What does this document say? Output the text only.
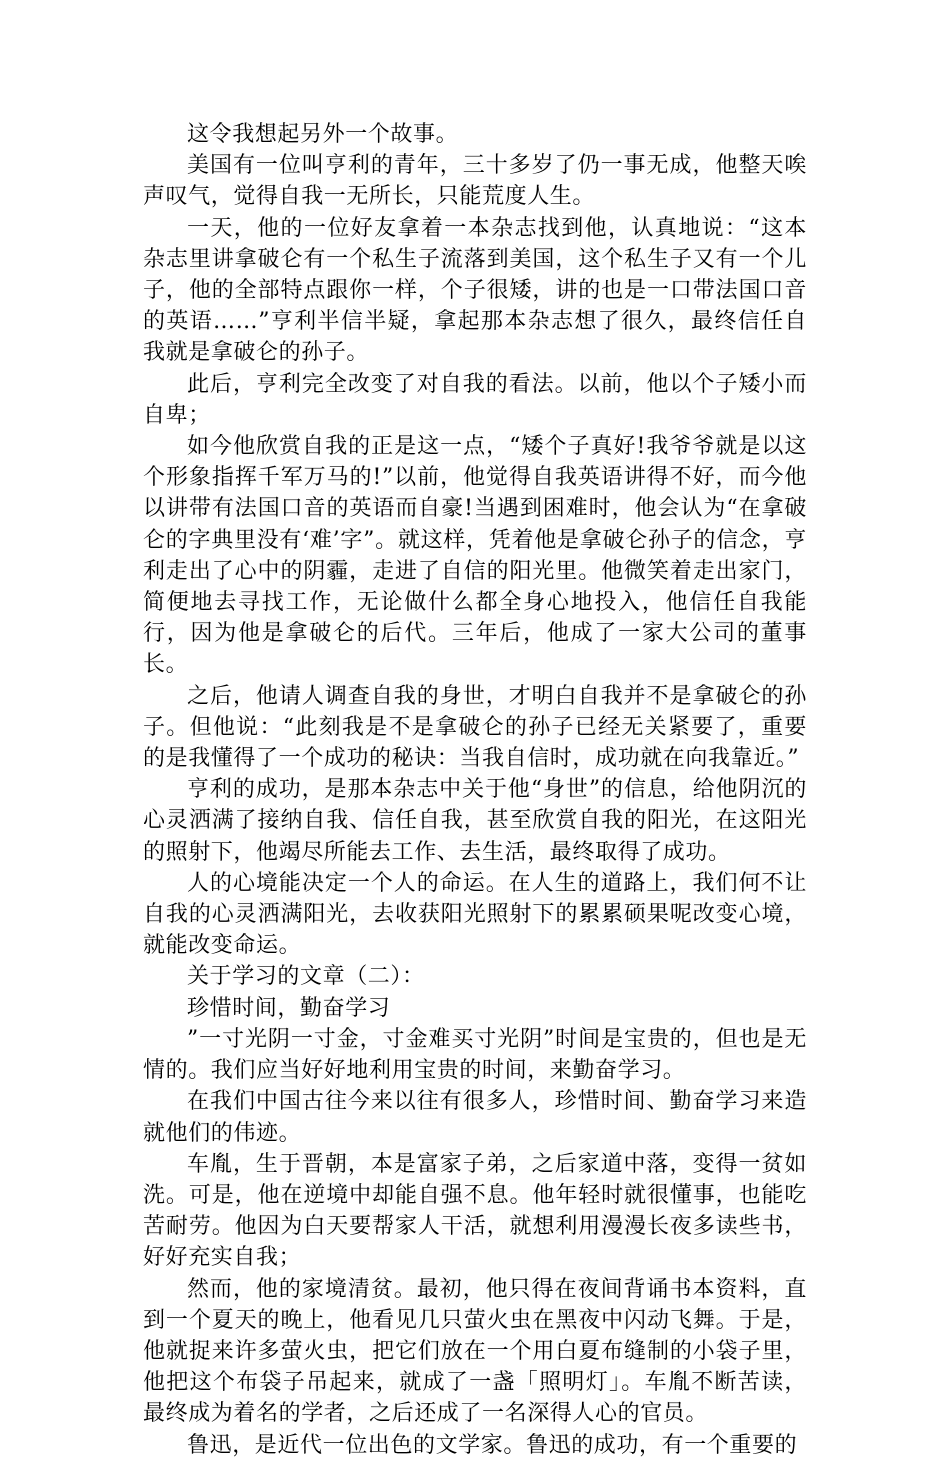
这令我想起另外一个故事。

美国有一位叫亨利的青年，三十多岁了仍一事无成，他整天唉声叹气，觉得自我一无所长，只能荒度人生。

一天，他的一位好友拿着一本杂志找到他，认真地说：“这本杂志里讲拿破仑有一个私生子流落到美国，这个私生子又有一个儿子，他的全部特点跟你一样，个子很矮，讲的也是一口带法国口音的英语……”亨利半信半疑，拿起那本杂志想了很久，最终信任自我就是拿破仑的孙子。

此后，亨利完全改变了对自我的看法。以前，他以个子矮小而自卑；

如今他欣赏自我的正是这一点，“矮个子真好!我爷爷就是以这个形象指挥千军万马的!”以前，他觉得自我英语讲得不好，而今他以讲带有法国口音的英语而自豪!当遇到困难时，他会认为“在拿破仑的字典里没有‘难’字”。就这样，凭着他是拿破仑孙子的信念，亨利走出了心中的阴霾，走进了自信的阳光里。他微笑着走出家门，简便地去寻找工作，无论做什么都全身心地投入，他信任自我能行，因为他是拿破仑的后代。三年后，他成了一家大公司的董事长。

之后，他请人调查自我的身世，才明白自我并不是拿破仑的孙子。但他说：“此刻我是不是拿破仑的孙子已经无关紧要了，重要的是我懂得了一个成功的秘诀：当我自信时，成功就在向我靠近。”

亨利的成功，是那本杂志中关于他“身世”的信息，给他阴沉的心灵洒满了接纳自我、信任自我，甚至欣赏自我的阳光，在这阳光的照射下，他竭尽所能去工作、去生活，最终取得了成功。

人的心境能决定一个人的命运。在人生的道路上，我们何不让自我的心灵洒满阳光，去收获阳光照射下的累累硕果呢改变心境，就能改变命运。

关于学习的文章（二）：

珍惜时间，勤奋学习

”一寸光阴一寸金，寸金难买寸光阴”时间是宝贵的，但也是无情的。我们应当好好地利用宝贵的时间，来勤奋学习。

在我们中国古往今来以往有很多人，珍惜时间、勤奋学习来造就他们的伟迹。

车胤，生于晋朝，本是富家子弟，之后家道中落，变得一贫如洗。可是，他在逆境中却能自强不息。他年轻时就很懂事，也能吃苦耐劳。他因为白天要帮家人干活，就想利用漫漫长夜多读些书，好好充实自我；

然而，他的家境清贫。最初，他只得在夜间背诵书本资料，直到一个夏天的晚上，他看见几只萤火虫在黑夜中闪动飞舞。于是，他就捉来许多萤火虫，把它们放在一个用白夏布缝制的小袋子里，他把这个布袋子吊起来，就成了一盏「照明灯」。车胤不断苦读，最终成为着名的学者，之后还成了一名深得人心的官员。

鲁迅，是近代一位出色的文学家。鲁迅的成功，有一个重要的
